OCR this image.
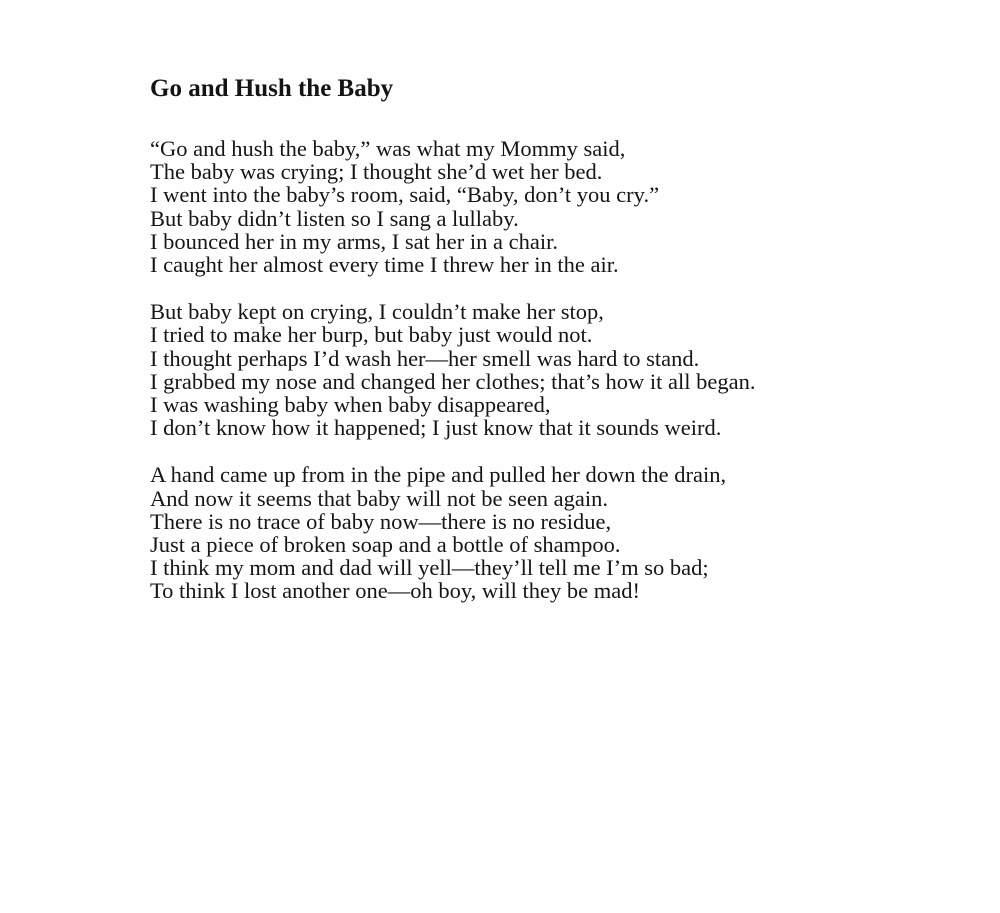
Go and Hush the Baby

“Go and hush the baby,” was what my Mommy said,
The baby was crying; I thought she’d wet her bed.
I went into the baby’s room, said, “Baby, don’t you cry.”
But baby didn’t listen so I sang a lullaby.
I bounced her in my arms, I sat her in a chair.
I caught her almost every time I threw her in the air.

But baby kept on crying, I couldn’t make her stop,
I tried to make her burp, but baby just would not.
I thought perhaps I’d wash her—her smell was hard to stand.
I grabbed my nose and changed her clothes; that’s how it all began.
I was washing baby when baby disappeared,
I don’t know how it happened; I just know that it sounds weird.

A hand came up from in the pipe and pulled her down the drain,
And now it seems that baby will not be seen again.
There is no trace of baby now—there is no residue,
Just a piece of broken soap and a bottle of shampoo.
I think my mom and dad will yell—they’ll tell me I’m so bad;
To think I lost another one—oh boy, will they be mad!
